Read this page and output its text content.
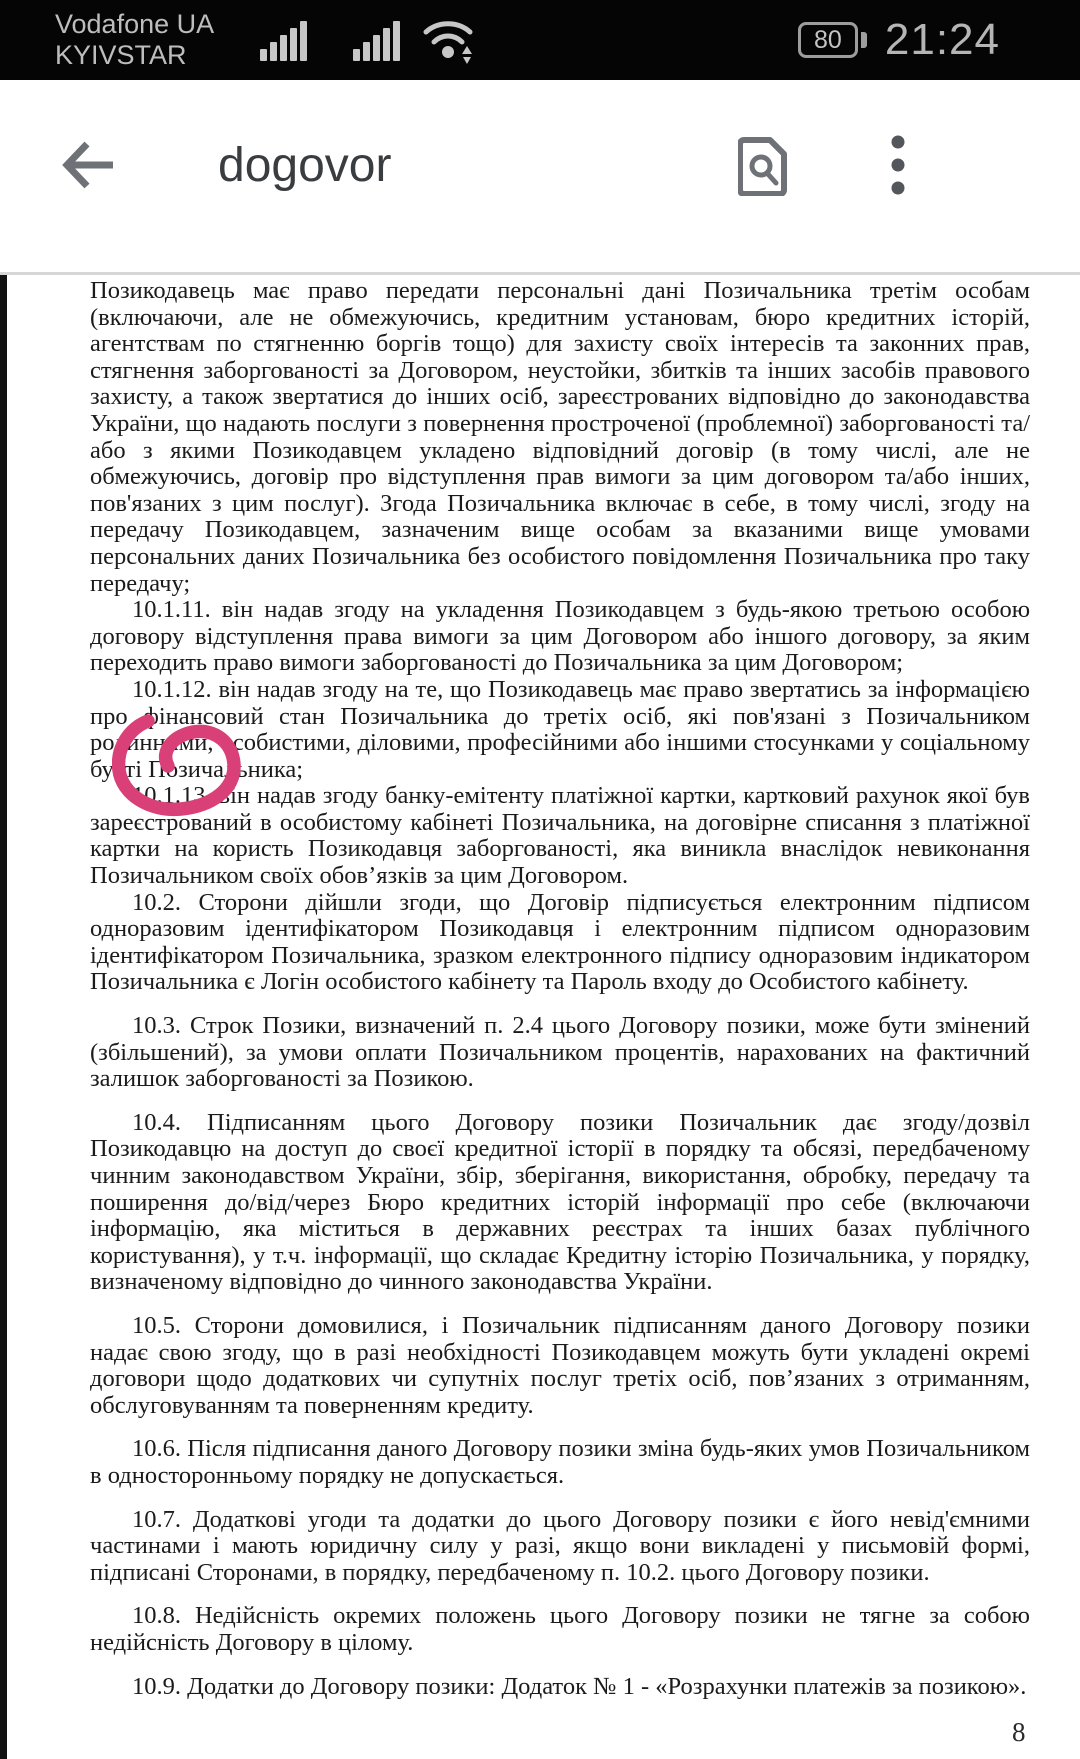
Vodafone UA
KYIVSTAR
80 21:24
dogovor

Позикодавець має право передати персональні дані Позичальника третім особам (включаючи, але не обмежуючись, кредитним установам, бюро кредитних історій, агентствам по стягненню боргів тощо) для захисту своїх інтересів та законних прав, стягнення заборгованості за Договором, неустойки, збитків та інших засобів правового захисту, а також звертатися до інших осіб, зареєстрованих відповідно до законодавства України, що надають послуги з повернення простроченої (проблемної) заборгованості та/або з якими Позикодавцем укладено відповідний договір (в тому числі, але не обмежуючись, договір про відступлення прав вимоги за цим договором та/або інших, пов'язаних з цим послуг). Згода Позичальника включає в себе, в тому числі, згоду на передачу Позикодавцем, зазначеним вище особам за вказаними вище умовами персональних даних Позичальника без особистого повідомлення Позичальника про таку передачу;

10.1.11. він надав згоду на укладення Позикодавцем з будь-якою третьою особою договору відступлення права вимоги за цим Договором або іншого договору, за яким переходить право вимоги заборгованості до Позичальника за цим Договором;

10.1.12. він надав згоду на те, що Позикодавець має право звертатись за інформацією про фінансовий стан Позичальника до третіх осіб, які пов'язані з Позичальником родинними, особистими, діловими, професійними або іншими стосунками у соціальному бутті Позичальника;

10.1.13. він надав згоду банку-емітенту платіжної картки, картковий рахунок якої був зареєстрований в особистому кабінеті Позичальника, на договірне списання з платіжної картки на користь Позикодавця заборгованості, яка виникла внаслідок невиконання Позичальником своїх обов’язків за цим Договором.

10.2. Сторони дійшли згоди, що Договір підписується електронним підписом одноразовим ідентифікатором Позикодавця і електронним підписом одноразовим ідентифікатором Позичальника, зразком електронного підпису одноразовим індикатором Позичальника є Логін особистого кабінету та Пароль входу до Особистого кабінету.

10.3. Строк Позики, визначений п. 2.4 цього Договору позики, може бути змінений (збільшений), за умови оплати Позичальником процентів, нарахованих на фактичний залишок заборгованості за Позикою.

10.4. Підписанням цього Договору позики Позичальник дає згоду/дозвіл Позикодавцю на доступ до своєї кредитної історії в порядку та обсязі, передбаченому чинним законодавством України, збір, зберігання, використання, обробку, передачу та поширення до/від/через Бюро кредитних історій інформації про себе (включаючи інформацію, яка міститься в державних реєстрах та інших базах публічного користування), у т.ч. інформації, що складає Кредитну історію Позичальника, у порядку, визначеному відповідно до чинного законодавства України.

10.5. Сторони домовилися, і Позичальник підписанням даного Договору позики надає свою згоду, що в разі необхідності Позикодавцем можуть бути укладені окремі договори щодо додаткових чи супутніх послуг третіх осіб, пов’язаних з отриманням, обслуговуванням та поверненням кредиту.

10.6. Після підписання даного Договору позики зміна будь-яких умов Позичальником в односторонньому порядку не допускається.

10.7. Додаткові угоди та додатки до цього Договору позики є його невід'ємними частинами і мають юридичну силу у разі, якщо вони викладені у письмовій формі, підписані Сторонами, в порядку, передбаченому п. 10.2. цього Договору позики.

10.8. Недійсність окремих положень цього Договору позики не тягне за собою недійсність Договору в цілому.

10.9. Додатки до Договору позики: Додаток № 1 - «Розрахунки платежів за позикою».

8
